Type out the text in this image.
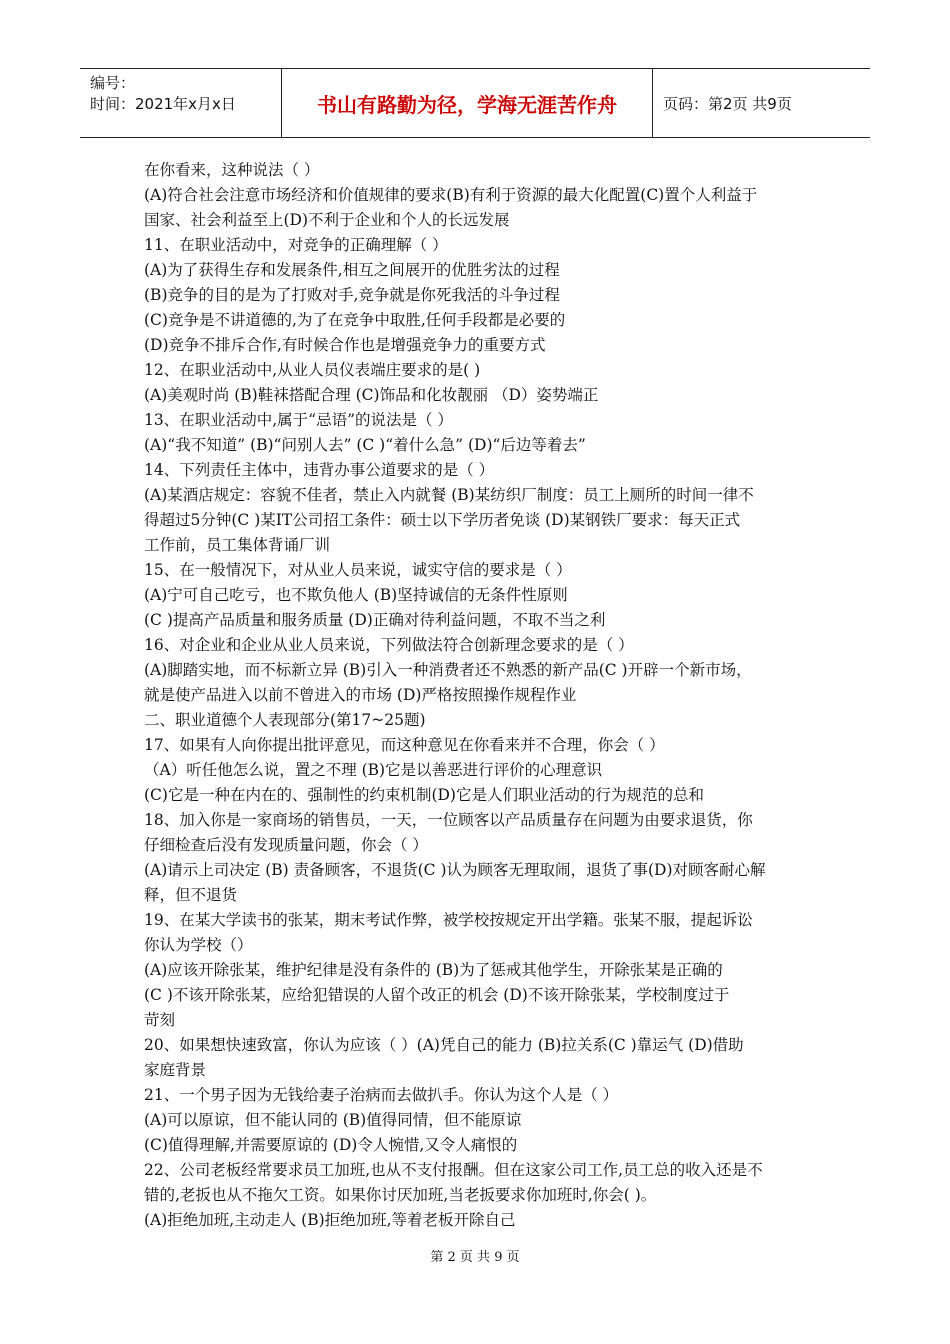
编号：
时间：2021年x月x日	书山有路勤为径，学海无涯苦作舟	页码：第2页 共9页
在你看来，这种说法（ ）
(A)符合社会注意市场经济和价值规律的要求(B)有利于资源的最大化配置(C)置个人利益于
国家、社会利益至上(D)不利于企业和个人的长远发展
11、在职业活动中，对竞争的正确理解（ ）
(A)为了获得生存和发展条件,相互之间展开的优胜劣汰的过程
(B)竞争的目的是为了打败对手,竞争就是你死我活的斗争过程
(C)竞争是不讲道德的,为了在竞争中取胜,任何手段都是必要的
(D)竞争不排斥合作,有时候合作也是增强竞争力的重要方式
12、在职业活动中,从业人员仪表端庄要求的是( )
(A)美观时尚 (B)鞋袜搭配合理 (C)饰品和化妆靓丽 （D）姿势端正
13、在职业活动中,属于“忌语”的说法是（ ）
(A)“我不知道” (B)“问别人去” (C )“着什么急” (D)“后边等着去”
14、下列责任主体中，违背办事公道要求的是（ ）
(A)某酒店规定：容貌不佳者，禁止入内就餐 (B)某纺织厂制度：员工上厕所的时间一律不
得超过5分钟(C )某IT公司招工条件：硕士以下学历者免谈 (D)某钢铁厂要求：每天正式
工作前，员工集体背诵厂训
15、在一般情况下，对从业人员来说，诚实守信的要求是（ ）
(A)宁可自己吃亏，也不欺负他人 (B)坚持诚信的无条件性原则
(C )提高产品质量和服务质量 (D)正确对待利益问题，不取不当之利
16、对企业和企业从业人员来说，下列做法符合创新理念要求的是（ ）
(A)脚踏实地，而不标新立异 (B)引入一种消费者还不熟悉的新产品(C )开辟一个新市场，
就是使产品进入以前不曾进入的市场 (D)严格按照操作规程作业
二、职业道德个人表现部分(第17~25题)
17、如果有人向你提出批评意见，而这种意见在你看来并不合理，你会（ ）
（A）听任他怎么说，置之不理 (B)它是以善恶进行评价的心理意识
(C)它是一种在内在的、强制性的约束机制(D)它是人们职业活动的行为规范的总和
18、加入你是一家商场的销售员，一天，一位顾客以产品质量存在问题为由要求退货，你
仔细检查后没有发现质量问题，你会（ ）
(A)请示上司决定 (B) 责备顾客，不退货(C )认为顾客无理取闹，退货了事(D)对顾客耐心解
释，但不退货
19、在某大学读书的张某，期末考试作弊，被学校按规定开出学籍。张某不服，提起诉讼
你认为学校（）
(A)应该开除张某，维护纪律是没有条件的 (B)为了惩戒其他学生，开除张某是正确的
(C )不该开除张某，应给犯错误的人留个改正的机会 (D)不该开除张某，学校制度过于
苛刻
20、如果想快速致富，你认为应该（ ）(A)凭自己的能力 (B)拉关系(C )靠运气 (D)借助
家庭背景
21、一个男子因为无钱给妻子治病而去做扒手。你认为这个人是（ ）
(A)可以原谅，但不能认同的 (B)值得同情，但不能原谅
(C)值得理解,并需要原谅的 (D)令人惋惜,又令人痛恨的
22、公司老板经常要求员工加班,也从不支付报酬。但在这家公司工作,员工总的收入还是不
错的,老扳也从不拖欠工资。如果你讨厌加班,当老扳要求你加班时,你会( )。
(A)拒绝加班,主动走人 (B)拒绝加班,等着老板开除自己
第 2 页 共 9 页
